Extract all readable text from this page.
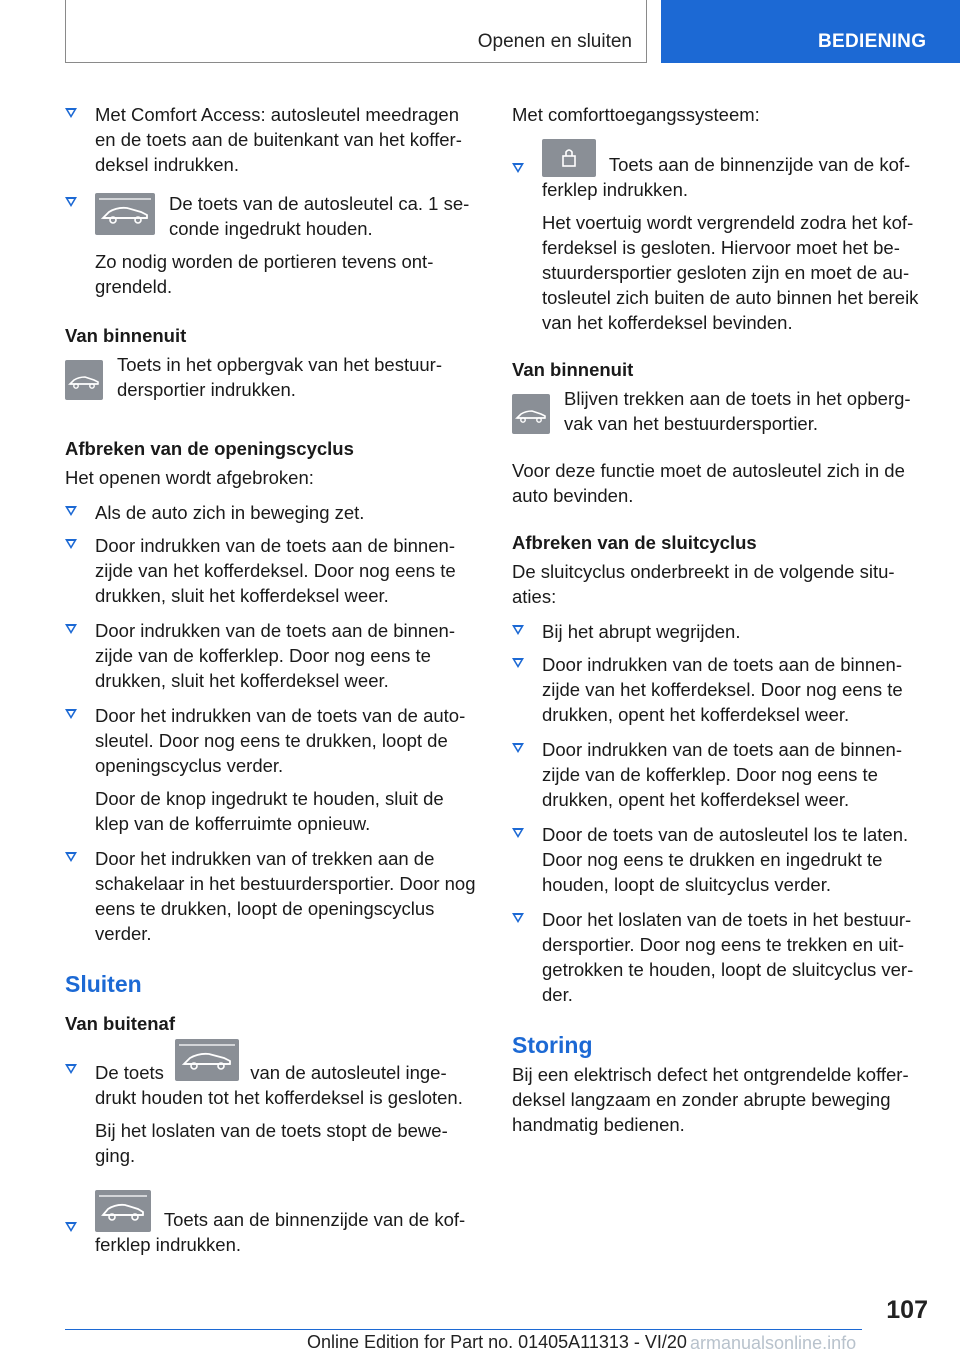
Openen en sluiten	BEDIENING

Met Comfort Access: autosleutel meedragen en de toets aan de buitenkant van het kofferdeksel indrukken.

De toets van de autosleutel ca. 1 seconde ingedrukt houden.

Zo nodig worden de portieren tevens ontgrendeld.

Van binnenuit

Toets in het opbergvak van het bestuurdersportier indrukken.

Afbreken van de openingscyclus

Het openen wordt afgebroken:

Als de auto zich in beweging zet.

Door indrukken van de toets aan de binnenzijde van het kofferdeksel. Door nog eens te drukken, sluit het kofferdeksel weer.

Door indrukken van de toets aan de binnenzijde van de kofferklep. Door nog eens te drukken, sluit het kofferdeksel weer.

Door het indrukken van de toets van de autosleutel. Door nog eens te drukken, loopt de openingscyclus verder.

Door de knop ingedrukt te houden, sluit de klep van de kofferruimte opnieuw.

Door het indrukken van of trekken aan de schakelaar in het bestuurdersportier. Door nog eens te drukken, loopt de openingscyclus verder.

Sluiten
Van buitenaf

De toets	van de autosleutel ingedrukt houden tot het kofferdeksel is gesloten.

Bij het loslaten van de toets stopt de beweging.

Toets aan de binnenzijde van de kofferklep indrukken.

Met comforttoegangssysteem:

Toets aan de binnenzijde van de kofferklep indrukken.

Het voertuig wordt vergrendeld zodra het kofferdeksel is gesloten. Hiervoor moet het bestuurdersportier gesloten zijn en moet de autosleutel zich buiten de auto binnen het bereik van het kofferdeksel bevinden.

Van binnenuit

Blijven trekken aan de toets in het opbergvak van het bestuurdersportier.

Voor deze functie moet de autosleutel zich in de auto bevinden.

Afbreken van de sluitcyclus

De sluitcyclus onderbreekt in de volgende situaties:

Bij het abrupt wegrijden.

Door indrukken van de toets aan de binnenzijde van het kofferdeksel. Door nog eens te drukken, opent het kofferdeksel weer.

Door indrukken van de toets aan de binnenzijde van de kofferklep. Door nog eens te drukken, opent het kofferdeksel weer.

Door de toets van de autosleutel los te laten. Door nog eens te drukken en ingedrukt te houden, loopt de sluitcyclus verder.

Door het loslaten van de toets in het bestuurdersportier. Door nog eens te trekken en uitgetrokken te houden, loopt de sluitcyclus verder.

Storing

Bij een elektrisch defect het ontgrendelde kofferdeksel langzaam en zonder abrupte beweging handmatig bedienen.

107
Online Edition for Part no. 01405A11313 - VI/20 armanualsonline.info
